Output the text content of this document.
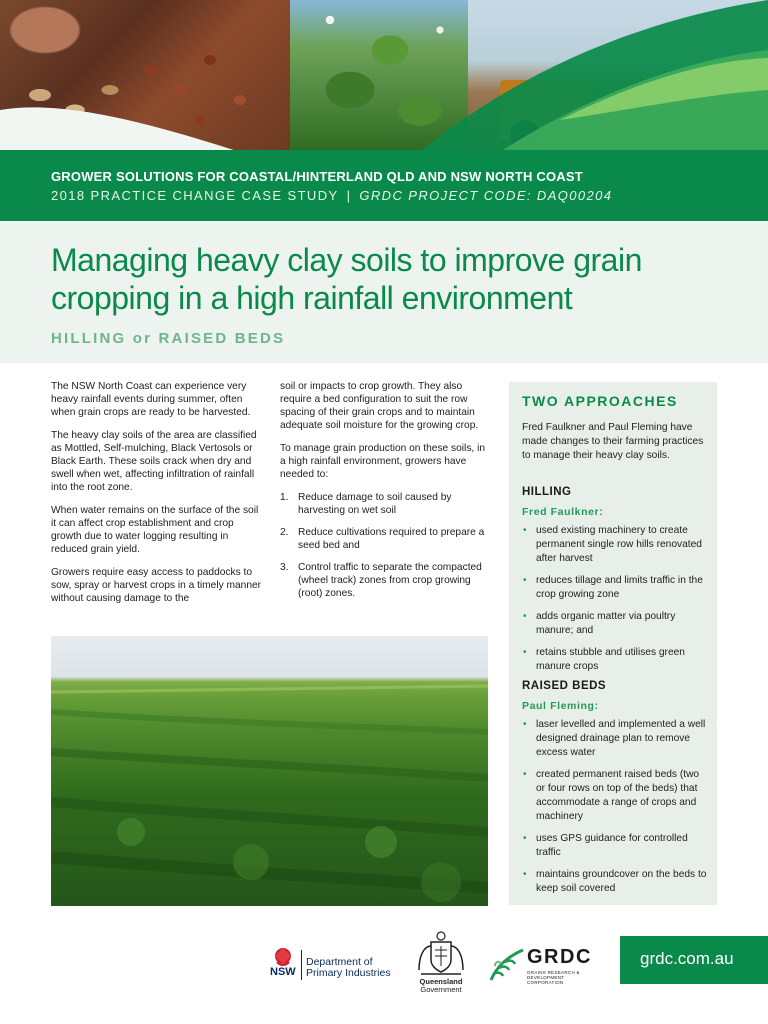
GROWER SOLUTIONS FOR COASTAL/HINTERLAND QLD AND NSW NORTH COAST
2018 PRACTICE CHANGE CASE STUDY | GRDC PROJECT CODE: DAQ00204
Managing heavy clay soils to improve grain
cropping in a high rainfall environment
HILLING or RAISED BEDS

The NSW North Coast can experience very heavy rainfall events during summer, often when grain crops are ready to be harvested.

The heavy clay soils of the area are classified as Mottled, Self-mulching, Black Vertosols or Black Earth. These soils crack when dry and swell when wet, affecting infiltration of rainfall into the root zone.

When water remains on the surface of the soil it can affect crop establishment and crop growth due to water logging resulting in reduced grain yield.

Growers require easy access to paddocks to sow, spray or harvest crops in a timely manner without causing damage to the

soil or impacts to crop growth. They also require a bed configuration to suit the row spacing of their grain crops and to maintain adequate soil moisture for the growing crop.

To manage grain production on these soils, in a high rainfall environment, growers have needed to:

1. Reduce damage to soil caused by harvesting on wet soil
2. Reduce cultivations required to prepare a seed bed and
3. Control traffic to separate the compacted (wheel track) zones from crop growing (root) zones.
TWO APPROACHES
Fred Faulkner and Paul Fleming have made changes to their farming practices to manage their heavy clay soils.
HILLING
Fred Faulkner:
• used existing machinery to create permanent single row hills renovated after harvest
• reduces tillage and limits traffic in the crop growing zone
• adds organic matter via poultry manure; and
• retains stubble and utilises green manure crops
RAISED BEDS
Paul Fleming:
• laser levelled and implemented a well designed drainage plan to remove excess water
• created permanent raised beds (two or four rows on top of the beds) that accommodate a range of crops and machinery
• uses GPS guidance for controlled traffic
• maintains groundcover on the beds to keep soil covered
NSW
Department of
Primary Industries
Queensland
Government
GRDC
GRAINS RESEARCH & DEVELOPMENT CORPORATION
grdc.com.au
